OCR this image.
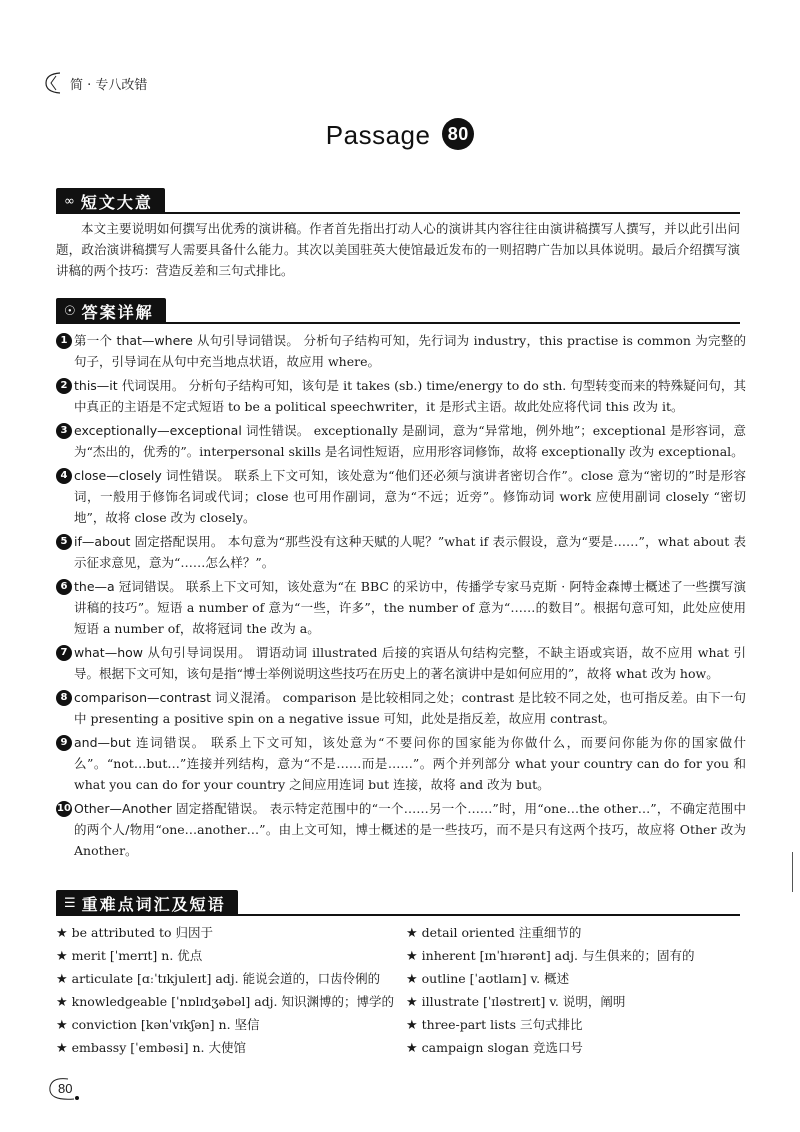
简 · 专八改错
Passage 80
∞ 短文大意

本文主要说明如何撰写出优秀的演讲稿。作者首先指出打动人心的演讲其内容往往由演讲稿撰写人撰写，并以此引出问题，政治演讲稿撰写人需要具备什么能力。其次以美国驻英大使馆最近发布的一则招聘广告加以具体说明。最后介绍撰写演讲稿的两个技巧：营造反差和三句式排比。

☉ 答案详解
1 第一个 that—where 从句引导词错误。 分析句子结构可知，先行词为 industry，this practise is common 为完整的句子，引导词在从句中充当地点状语，故应用 where。
2 this—it 代词误用。 分析句子结构可知，该句是 it takes (sb.) time/energy to do sth. 句型转变而来的特殊疑问句，其中真正的主语是不定式短语 to be a political speechwriter，it 是形式主语。故此处应将代词 this 改为 it。
3 exceptionally—exceptional 词性错误。 exceptionally 是副词，意为“异常地，例外地”；exceptional 是形容词，意为“杰出的，优秀的”。interpersonal skills 是名词性短语，应用形容词修饰，故将 exceptionally 改为 exceptional。
4 close—closely 词性错误。 联系上下文可知，该处意为“他们还必须与演讲者密切合作”。close 意为“密切的”时是形容词，一般用于修饰名词或代词；close 也可用作副词，意为“不远；近旁”。修饰动词 work 应使用副词 closely “密切地”，故将 close 改为 closely。
5 if—about 固定搭配误用。 本句意为“那些没有这种天赋的人呢？”what if 表示假设，意为“要是……”，what about 表示征求意见，意为“……怎么样？”。
6 the—a 冠词错误。 联系上下文可知，该处意为“在 BBC 的采访中，传播学专家马克斯 · 阿特金森博士概述了一些撰写演讲稿的技巧”。短语 a number of 意为“一些，许多”，the number of 意为“……的数目”。根据句意可知，此处应使用短语 a number of，故将冠词 the 改为 a。
7 what—how 从句引导词误用。 谓语动词 illustrated 后接的宾语从句结构完整，不缺主语或宾语，故不应用 what 引导。根据下文可知，该句是指“博士举例说明这些技巧在历史上的著名演讲中是如何应用的”，故将 what 改为 how。
8 comparison—contrast 词义混淆。 comparison 是比较相同之处；contrast 是比较不同之处，也可指反差。由下一句中 presenting a positive spin on a negative issue 可知，此处是指反差，故应用 contrast。
9 and—but 连词错误。 联系上下文可知，该处意为“不要问你的国家能为你做什么，而要问你能为你的国家做什么”。“not…but…”连接并列结构，意为“不是……而是……”。两个并列部分 what your country can do for you 和 what you can do for your country 之间应用连词 but 连接，故将 and 改为 but。
10 Other—Another 固定搭配错误。 表示特定范围中的“一个……另一个……”时，用“one…the other…”，不确定范围中的两个人/物用“one…another…”。由上文可知，博士概述的是一些技巧，而不是只有这两个技巧，故应将 Other 改为 Another。
☰ 重难点词汇及短语
★ be attributed to 归因于
★ merit [ˈmerɪt] n. 优点
★ articulate [ɑːˈtɪkjuleɪt] adj. 能说会道的，口齿伶俐的
★ knowledgeable [ˈnɒlɪdʒəbəl] adj. 知识渊博的；博学的
★ conviction [kənˈvɪkʃən] n. 坚信
★ embassy [ˈembəsi] n. 大使馆
★ detail oriented 注重细节的
★ inherent [ɪnˈhɪərənt] adj. 与生俱来的；固有的
★ outline [ˈaʊtlaɪn] v. 概述
★ illustrate [ˈɪləstreɪt] v. 说明，阐明
★ three-part lists 三句式排比
★ campaign slogan 竞选口号
80
